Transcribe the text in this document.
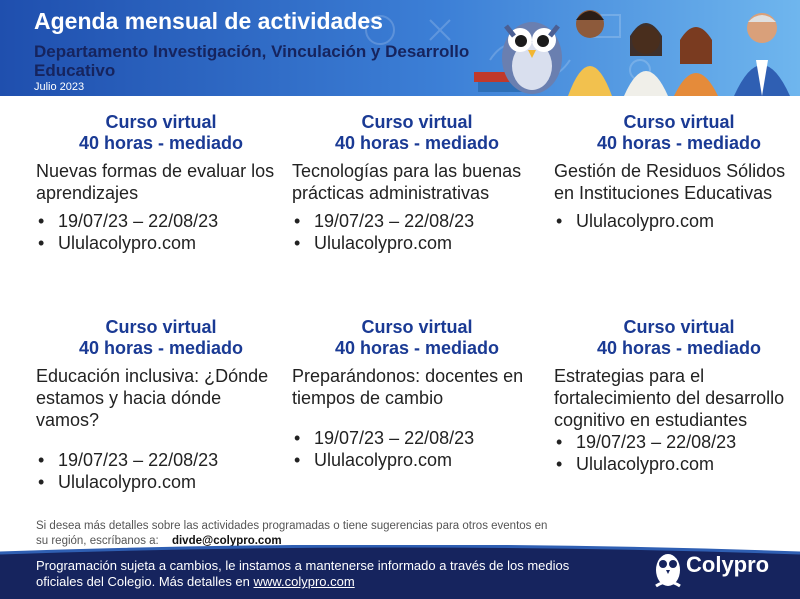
Agenda mensual de actividades
Departamento Investigación, Vinculación y Desarrollo Educativo
Julio 2023
Curso virtual
40 horas - mediado
Nuevas formas de evaluar los aprendizajes
• 19/07/23 – 22/08/23
• Ululacolypro.com
Curso virtual
40 horas - mediado
Tecnologías para las buenas prácticas administrativas
• 19/07/23 – 22/08/23
• Ululacolypro.com
Curso virtual
40 horas - mediado
Gestión de Residuos Sólidos en Instituciones Educativas
• Ululacolypro.com
Curso virtual
40 horas - mediado
Educación inclusiva: ¿Dónde estamos y hacia dónde vamos?
• 19/07/23 – 22/08/23
• Ululacolypro.com
Curso virtual
40 horas - mediado
Preparándonos: docentes en tiempos de cambio
• 19/07/23 – 22/08/23
• Ululacolypro.com
Curso virtual
40 horas - mediado
Estrategias para el fortalecimiento del desarrollo cognitivo en estudiantes
• 19/07/23 – 22/08/23
• Ululacolypro.com
Si desea más detalles sobre las actividades programadas o tiene sugerencias para otros eventos en su región, escríbanos a: divde@colypro.com
Programación sujeta a cambios, le instamos a mantenerse informado a través de los medios oficiales del Colegio. Más detalles en www.colypro.com
Colypro
